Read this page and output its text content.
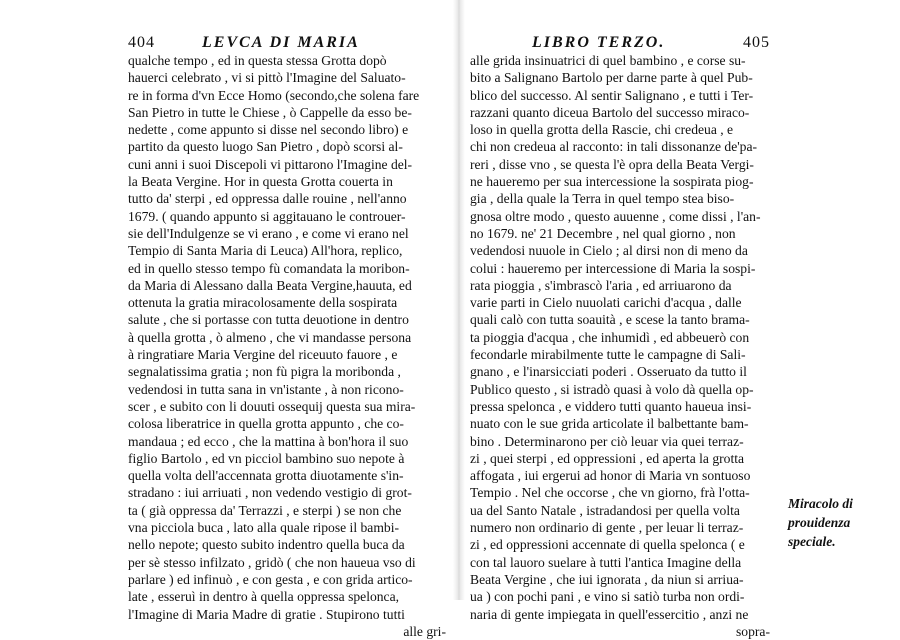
404	LEVCA DI MARIA
qualche tempo , ed in questa stessa Grotta dopò
hauerci celebrato , vi si pittò l'Imagine del Saluato-
re in forma d'vn Ecce Homo (secondo,che solena fare
San Pietro in tutte le Chiese , ò Cappelle da esso be-
nedette , come appunto si disse nel secondo libro) e
partito da questo luogo San Pietro , dopò scorsi al-
cuni anni i suoi Discepoli vi pittarono l'Imagine del-
la Beata Vergine. Hor in questa Grotta couerta in
tutto da' sterpi , ed oppressa dalle rouine , nell'anno
1679. ( quando appunto si aggitauano le controuer-
sie dell'Indulgenze se vi erano , e come vi erano nel
Tempio di Santa Maria di Leuca) All'hora, replico,
ed in quello stesso tempo fù comandata la moribon-
da Maria di Alessano dalla Beata Vergine,hauuta, ed
ottenuta la gratia miracolosamente della sospirata
salute , che si portasse con tutta deuotione in dentro
à quella grotta , ò almeno , che vi mandasse persona
à ringratiare Maria Vergine del riceuuto fauore , e
segnalatissima gratia ; non fù pigra la moribonda ,
vedendosi in tutta sana in vn'istante , à non ricono-
scer , e subito con li douuti ossequij questa sua mira-
colosa liberatrice in quella grotta appunto , che co-
mandaua ; ed ecco , che la mattina à bon'hora il suo
figlio Bartolo , ed vn picciol bambino suo nepote à
quella volta dell'accennata grotta diuotamente s'in-
stradano : iui arriuati , non vedendo vestigio di grot-
ta ( già oppressa da' Terrazzi , e sterpi ) se non che
vna picciola buca , lato alla quale ripose il bambi-
nello nepote; questo subito indentro quella buca da
per sè stesso infilzato , gridò ( che non haueua vso di
parlare ) ed infinuò , e con gesta , e con grida artico-
late , esseruì in dentro à quella oppressa spelonca,
l'Imagine di Maria Madre di gratie . Stupirono tutti
alle gri-
LIBRO TERZO.	405
alle grida insinuatrici di quel bambino , e corse su-
bito a Salignano Bartolo per darne parte à quel Pub-
blico del successo. Al sentir Salignano , e tutti i Ter-
razzani quanto diceua Bartolo del successo miraco-
loso in quella grotta della Rascie, chi credeua , e
chi non credeua al racconto: in tali dissonanze de'pa-
reri , disse vno , se questa l'è opra della Beata Vergi-
ne haueremo per sua intercessione la sospirata piog-
gia , della quale la Terra in quel tempo stea biso-
gnosa oltre modo , questo auuenne , come dissi , l'an-
no 1679. ne' 21 Decembre , nel qual giorno , non
vedendosi nuuole in Cielo ; al dirsi non di meno da
colui : haueremo per intercessione di Maria la sospi-
rata pioggia , s'imbrascò l'aria , ed arriuarono da
varie parti in Cielo nuuolati carichi d'acqua , dalle
quali calò con tutta soauità , e scese la tanto brama-
ta pioggia d'acqua , che inhumidì , ed abbeuerò con
fecondarle mirabilmente tutte le campagne di Sali-
gnano , e l'inarsicciati poderi . Osseruato da tutto il
Publico questo , si istradò quasi à volo dà quella op-
pressa spelonca , e viddero tutti quanto haueua insi-
nuato con le sue grida articolate il balbettante bam-
bino . Determinarono per ciò leuar via quei terraz-
zi , quei sterpi , ed oppressioni , ed aperta la grotta
affogata , iui ergerui ad honor di Maria vn sontuoso
Tempio . Nel che occorse , che vn giorno, frà l'otta-
ua del Santo Natale , istradandosi per quella volta
numero non ordinario di gente , per leuar li terraz-
zi , ed oppressioni accennate di quella spelonca ( e
con tal lauoro suelare à tutti l'antica Imagine della
Beata Vergine , che iui ignorata , da niun si arriua-
ua ) con pochi pani , e vino si satiò turba non ordi-
naria di gente impiegata in quell'essercitio , anzi ne
sopra-
Miracolo di
prouidenza
speciale.
